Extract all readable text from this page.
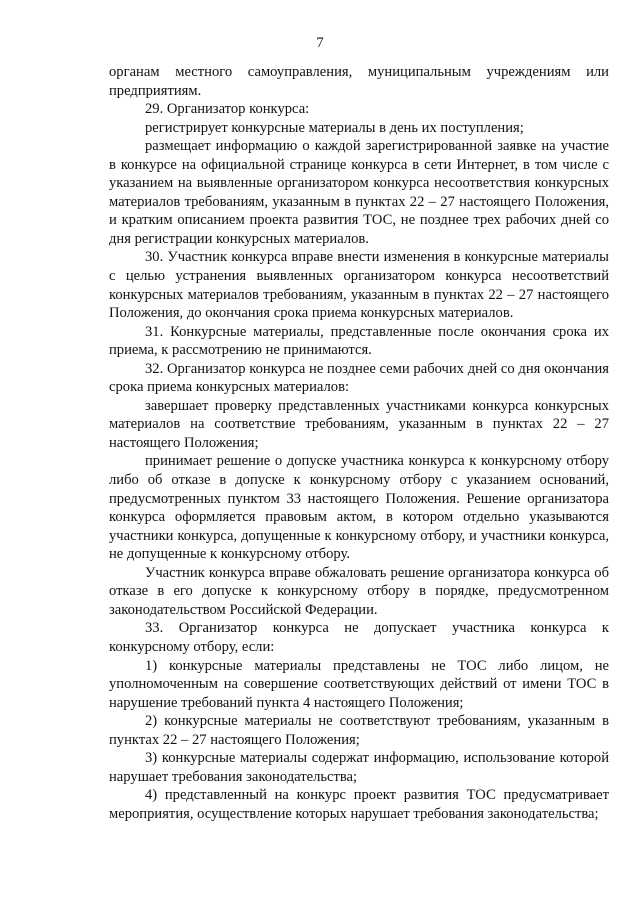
7

органам местного самоуправления, муниципальным учреждениям или предприятиям.

29. Организатор конкурса:

регистрирует конкурсные материалы в день их поступления;

размещает информацию о каждой зарегистрированной заявке на участие в конкурсе на официальной странице конкурса в сети Интернет, в том числе с указанием на выявленные организатором конкурса несоответствия конкурсных материалов требованиям, указанным в пунктах 22 – 27 настоящего Положения, и кратким описанием проекта развития ТОС, не позднее трех рабочих дней со дня регистрации конкурсных материалов.

30. Участник конкурса вправе внести изменения в конкурсные материалы с целью устранения выявленных организатором конкурса несоответствий конкурсных материалов требованиям, указанным в пунктах 22 – 27 настоящего Положения, до окончания срока приема конкурсных материалов.

31. Конкурсные материалы, представленные после окончания срока их приема, к рассмотрению не принимаются.

32. Организатор конкурса не позднее семи рабочих дней со дня окончания срока приема конкурсных материалов:

завершает проверку представленных участниками конкурса конкурсных материалов на соответствие требованиям, указанным в пунктах 22 – 27 настоящего Положения;

принимает решение о допуске участника конкурса к конкурсному отбору либо об отказе в допуске к конкурсному отбору с указанием оснований, предусмотренных пунктом 33 настоящего Положения. Решение организатора конкурса оформляется правовым актом, в котором отдельно указываются участники конкурса, допущенные к конкурсному отбору, и участники конкурса, не допущенные к конкурсному отбору.

Участник конкурса вправе обжаловать решение организатора конкурса об отказе в его допуске к конкурсному отбору в порядке, предусмотренном законодательством Российской Федерации.

33. Организатор конкурса не допускает участника конкурса к конкурсному отбору, если:

1) конкурсные материалы представлены не ТОС либо лицом, не уполномоченным на совершение соответствующих действий от имени ТОС в нарушение требований пункта 4 настоящего Положения;

2) конкурсные материалы не соответствуют требованиям, указанным в пунктах 22 – 27 настоящего Положения;

3) конкурсные материалы содержат информацию, использование которой нарушает требования законодательства;

4) представленный на конкурс проект развития ТОС предусматривает мероприятия, осуществление которых нарушает требования законодательства;
